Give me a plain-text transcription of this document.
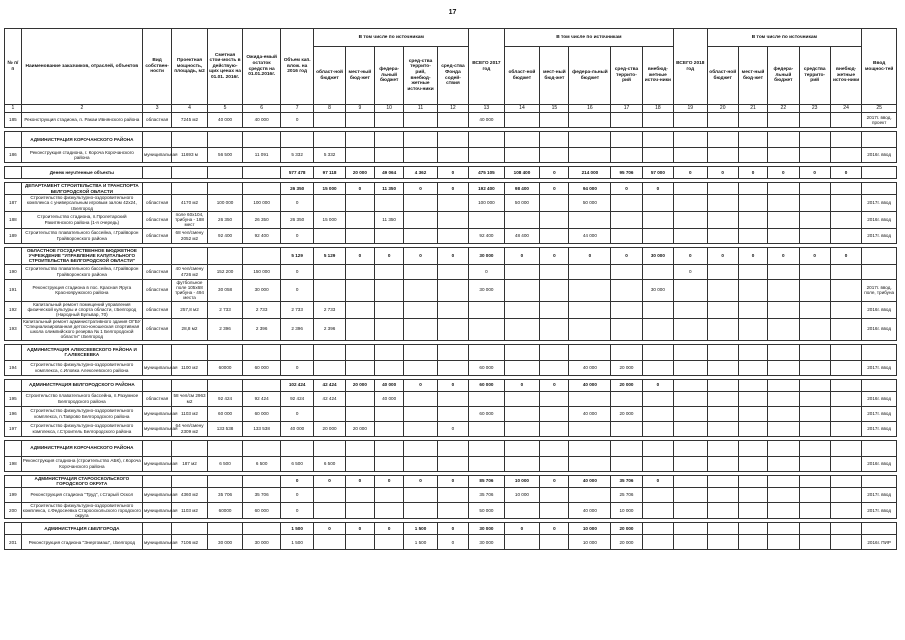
17
№ п/п	Наименование заказчиков, отраслей, объектов	Вид собствен-ности	Проектная мощность, площадь, м2	Сметная стои-мость в действую-щих ценах на 01.01. 2016г.	Ожида-емый остаток средств на 01.01.2016г.	Объем кап. влож. на 2016 год	В том числе по источникам					ВСЕГО 2017 год	В том числе по источникам					ВСЕГО 2018 год	В том числе по источникам					Ввод мощнос-тей
							област-ной бюджет	мест-ный бюд-жет	федера-льный бюджет	сред-ства террито-рий, внебюд-жетные источ-ники	сред-ства Фонда содей-ствия		област-ной бюджет	мест-ный бюд-жет	федера-льный бюджет	сред-ства террито-рий	внебюд-жетные источ-ники		област-ной бюджет	мест-ный бюд-жет	федера-льный бюджет	средства террито-рий	внебюд-жетные источ-ники	
1	2	3	4	5	6	7	8	9	10	11	12	13	14	15	16	17	18	19	20	21	22	23	24	25
185	Реконструкция стадиона, п. Ракаи Ивнянского района	областная	7245 м2	40 000	40 000	0						40 000												2017г. ввод. проект

	АДМИНИСТРАЦИЯ КОРОЧАНСКОГО РАЙОНА																							
186	Реконструкция стадиона, г. Короча Корочанского района	муниципальная	11693 м	56 500	11 091	5 332	5 332																	2016г. ввод

	Денеж неучтенные объекты					577 478	97 118	20 000	49 064	4 362	0	475 105	108 400	0	214 000	95 706	57 000	0	0	0	0	0	0	

	ДЕПАРТАМЕНТ СТРОИТЕЛЬСТВА И ТРАНСПОРТА БЕЛГОРОДСКОЙ ОБЛАСТИ					26 350	15 000	0	11 350	0	0	192 400	98 400	0	94 000	0	0							
187	Строительство физкультурно-оздоровительного комплекса с универсальным игровым залом 42х24, г.Белгород	областная	4170 м2	100 000	100 000	0						100 000	50 000		50 000									2017г. ввод
188	Строительство стадиона, п.Пролетарский Ракитянского района (1-я очередь)	областная	поле 60х104, трибуна - 188 мест	26 350	26 350	26 350	15 000		11 350															2016г. ввод
189	Строительство плавательного бассейна, г.Грайворон Грайворонского района	областная	68 чел/смену 2052 м2	92 400	92 400	0						92 400	48 400		44 000									2017г. ввод

	ОБЛАСТНОЕ ГОСУДАРСТВЕННОЕ БЮДЖЕТНОЕ УЧРЕЖДЕНИЕ "УПРАВЛЕНИЕ КАПИТАЛЬНОГО СТРОИТЕЛЬСТВА БЕЛГОРОДСКОЙ ОБЛАСТИ"					5 129	5 129	0	0	0	0	30 000	0	0	0	0	30 000	0	0	0	0	0	0	
190	Строительство плавательного бассейна, г.Грайворон Грайворонского района	областная	40 чел/смену 4726 м2	152 200	150 000	0						0						0						
191	Реконструкция стадиона в пос. Красная Яруга Краснояружского района	областная	футбольное поле 105х68 трибуна - 494 места	30 058	30 000	0						30 000					30 000							2017г. ввод. поле, трибуна
192	Капитальный ремонт помещений управления физической культуры и спорта области, г.Белгород (Народный Бульвар, 70)	областная	257,8 м2	2 733	2 733	2 733	2 733																	2016г. ввод
193	Капитальный ремонт административного здания ОГБУ "Специализированная детско-юношеская спортивная школа олимпийского резерва № 1 Белгородской области" г.Белгород	областная	28,8 м2	2 396	2 396	2 396	2 396																	2016г. ввод

	АДМИНИСТРАЦИЯ АЛЕКСЕЕВСКОГО РАЙОНА И Г.АЛЕКСЕЕВКА																							
194	Строительство физкультурно-оздоровительного комплекса, с.Иловка Алексеевского района	муниципальная	1100 м2	60000	60 000	0						60 000			40 000	20 000								2017г. ввод

	АДМИНИСТРАЦИЯ БЕЛГОРОДСКОГО РАЙОНА					102 424	42 424	20 000	40 000	0	0	60 000	0	0	40 000	20 000	0							
195	Строительство плавательного бассейна, п.Разумное Белгородского района	областная	58 чел/см 2963 м2	92 424	92 424	92 424	42 424		40 000															2016г. ввод
196	Строительство физкультурно-оздоровительного комплекса, п.Таврово Белгородского района	муниципальная	1103 м2	60 000	60 000	0						60 000			40 000	20 000								2017г. ввод
197	Строительство физкультурно-оздоровительного комплекса, г.Строитель Белгородского района	муниципальная	64 чел/смену 2309 м2	133 538	133 538	40 000	20 000	20 000			0													2017г. ввод

	АДМИНИСТРАЦИЯ КОРОЧАНСКОГО РАЙОНА																							
198	Реконструкция стадиона (строительство АБК), г.Короча Корочанского района	муниципальная	187 м2	6 500	6 500	6 500	6 500																	2016г. ввод

	АДМИНИСТРАЦИЯ СТАРООСКОЛЬСКОГО ГОРОДСКОГО ОКРУГА					0	0	0	0	0	0	85 706	10 000	0	40 000	35 706	0							
199	Реконструкция стадиона "Труд", г.Старый Оскол	муниципальная	4360 м2	35 706	35 706	0						35 706	10 000			25 706								2017г. ввод
200	Строительство физкультурно-оздоровительного комплекса, с.Федосеевка Старооскольского городского округа	муниципальная	1103 м2	60000	60 000	0						50 000			40 000	10 000								2017г. ввод

	АДМИНИСТРАЦИЯ г.БЕЛГОРОДА					1 500	0	0	0	1 500	0	30 000	0	0	10 000	20 000								
201	Реконструкция стадиона "Энергомаш", г.Белгород	муниципальная	7106 м2	30 000	30 000	1 500				1 500	0	30 000			10 000	20 000								2016г. ПИР
